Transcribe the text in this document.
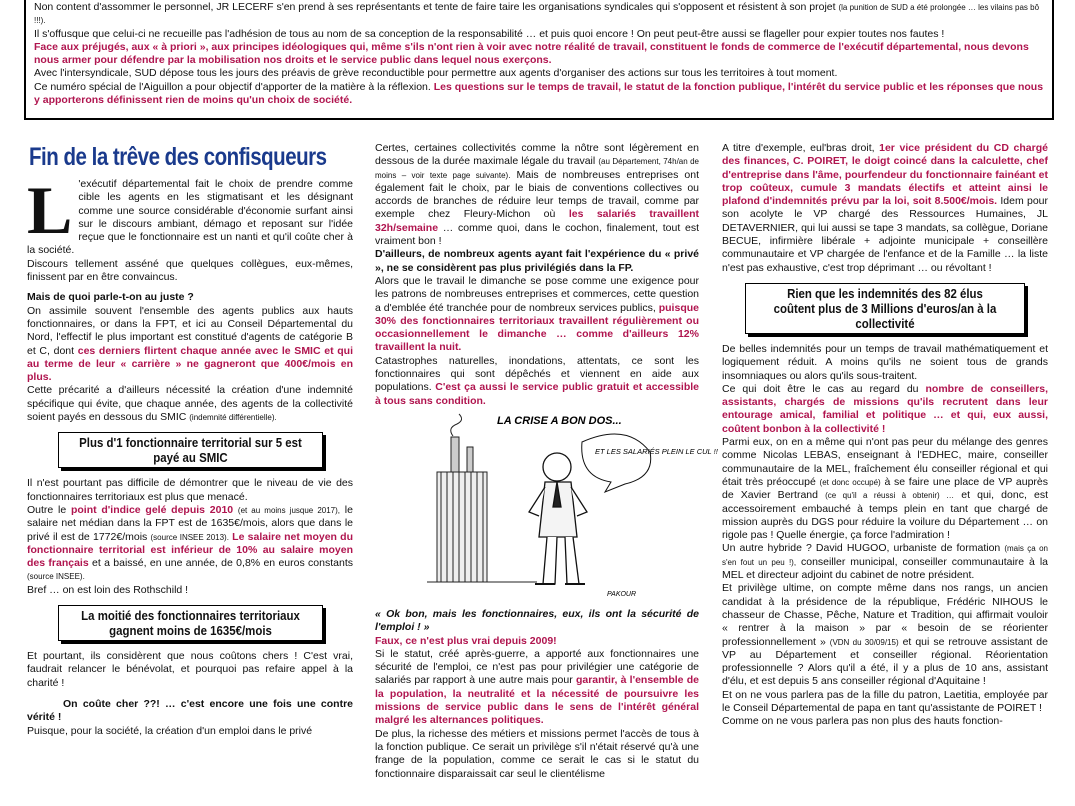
Non content d'assommer le personnel, JR LECERF s'en prend à ses représentants et tente de faire taire les organisations syndicales qui s'opposent et résistent à son projet (la punition de SUD a été prolongée … les vilains pas bô !!!).

Il s'offusque que celui-ci ne recueille pas l'adhésion de tous au nom de sa conception de la responsabilité … et puis quoi encore ! On peut peut-être aussi se flageller pour expier toutes nos fautes !

Face aux préjugés, aux « à priori », aux principes idéologiques qui, même s'ils n'ont rien à voir avec notre réalité de travail, constituent le fonds de commerce de l'exécutif départemental, nous devons nous armer pour défendre par la mobilisation nos droits et le service public dans lequel nous exerçons.

Avec l'intersyndicale, SUD dépose tous les jours des préavis de grève reconductible pour permettre aux agents d'organiser des actions sur tous les territoires à tout moment.

Ce numéro spécial de l'Aiguillon a pour objectif d'apporter de la matière à la réflexion. Les questions sur le temps de travail, le statut de la fonction publique, l'intérêt du service public et les réponses que nous y apporterons définissent rien de moins qu'un choix de société.

Fin de la trêve des confisqueurs

L 'exécutif départemental fait le choix de prendre comme cible les agents en les stigmatisant et les désignant comme une source considérable d'économie surfant ainsi sur le discours ambiant, démago et reposant sur l'idée reçue que le fonctionnaire est un nanti et qu'il coûte cher à la société.

Discours tellement asséné que quelques collègues, eux-mêmes, finissent par en être convaincus.

Mais de quoi parle-t-on au juste ?

On assimile souvent l'ensemble des agents publics aux hauts fonctionnaires, or dans la FPT, et ici au Conseil Départemental du Nord, l'effectif le plus important est constitué d'agents de catégorie B et C, dont ces derniers flirtent chaque année avec le SMIC et qui au terme de leur « carrière » ne gagneront que 400€/mois en plus.

Cette précarité a d'ailleurs nécessité la création d'une indemnité spécifique qui évite, que chaque année, des agents de la collectivité soient payés en dessous du SMIC (indemnité différentielle).

Plus d'1 fonctionnaire territorial sur 5 est payé au SMIC

Il n'est pourtant pas difficile de démontrer que le niveau de vie des fonctionnaires territoriaux est plus que menacé.

Outre le point d'indice gelé depuis 2010 (et au moins jusque 2017), le salaire net médian dans la FPT est de 1635€/mois, alors que dans le privé il est de 1772€/mois (source INSEE 2013). Le salaire net moyen du fonctionnaire territorial est inférieur de 10% au salaire moyen des français et a baissé, en une année, de 0,8% en euros constants (source INSEE).

Bref … on est loin des Rothschild !

La moitié des fonctionnaires territoriaux gagnent moins de 1635€/mois

Et pourtant, ils considèrent que nous coûtons chers ! C'est vrai, faudrait relancer le bénévolat, et pourquoi pas refaire appel à la charité !

On coûte cher ??! … c'est encore une fois une contre vérité !

Puisque, pour la société, la création d'un emploi dans le privé

Certes, certaines collectivités comme la nôtre sont légèrement en dessous de la durée maximale légale du travail (au Département, 74h/an de moins – voir texte page suivante). Mais de nombreuses entreprises ont également fait le choix, par le biais de conventions collectives ou accords de branches de réduire leur temps de travail, comme par exemple chez Fleury-Michon où les salariés travaillent 32h/semaine … comme quoi, dans le cochon, finalement, tout est vraiment bon !

D'ailleurs, de nombreux agents ayant fait l'expérience du « privé », ne se considèrent pas plus privilégiés dans la FP.

Alors que le travail le dimanche se pose comme une exigence pour les patrons de nombreuses entreprises et commerces, cette question a d'emblée été tranchée pour de nombreux services publics, puisque 30% des fonctionnaires territoriaux travaillent régulièrement ou occasionnellement le dimanche … comme d'ailleurs 12% travaillent la nuit.

Catastrophes naturelles, inondations, attentats, ce sont les fonctionnaires qui sont dépêchés et viennent en aide aux populations. C'est ça aussi le service public gratuit et accessible à tous sans condition.

LA CRISE A BON DOS...
ET LES SALARIÉS PLEIN LE CUL !!
PAKOUR

« Ok bon, mais les fonctionnaires, eux, ils ont la sécurité de l'emploi ! »

Faux, ce n'est plus vrai depuis 2009!

Si le statut, créé après-guerre, a apporté aux fonctionnaires une sécurité de l'emploi, ce n'est pas pour privilégier une catégorie de salariés par rapport à une autre mais pour garantir, à l'ensemble de la population, la neutralité et la nécessité de poursuivre les missions de service public dans le sens de l'intérêt général malgré les alternances politiques.

De plus, la richesse des métiers et missions permet l'accès de tous à la fonction publique. Ce serait un privilège s'il n'était réservé qu'à une frange de la population, comme ce serait le cas si le statut du fonctionnaire disparaissait car seul le clientélisme

A titre d'exemple, eul'bras droit, 1er vice président du CD chargé des finances, C. POIRET, le doigt coincé dans la calculette, chef d'entreprise dans l'âme, pourfendeur du fonctionnaire fainéant et trop coûteux, cumule 3 mandats électifs et atteint ainsi le plafond d'indemnités prévu par la loi, soit 8.500€/mois. Idem pour son acolyte le VP chargé des Ressources Humaines, JL DETAVERNIER, qui lui aussi se tape 3 mandats, sa collègue, Doriane BECUE, infirmière libérale + adjointe municipale + conseillère communautaire et VP chargée de l'enfance et de la Famille … la liste n'est pas exhaustive, c'est trop déprimant … ou révoltant !

Rien que les indemnités des 82 élus coûtent plus de 3 Millions d'euros/an à la collectivité

De belles indemnités pour un temps de travail mathématiquement et logiquement réduit. A moins qu'ils ne soient tous de grands insomniaques ou alors qu'ils sous-traitent.

Ce qui doit être le cas au regard du nombre de conseillers, assistants, chargés de missions qu'ils recrutent dans leur entourage amical, familial et politique … et qui, eux aussi, coûtent bonbon à la collectivité !

Parmi eux, on en a même qui n'ont pas peur du mélange des genres comme Nicolas LEBAS, enseignant à l'EDHEC, maire, conseiller communautaire de la MEL, fraîchement élu conseiller régional et qui était très préoccupé (et donc occupé) à se faire une place de VP auprès de Xavier Bertrand (ce qu'il a réussi à obtenir) … et qui, donc, est accessoirement embauché à temps plein en tant que chargé de mission auprès du DGS pour réduire la voilure du Département … on rigole pas ! Quelle énergie, ça force l'admiration !

Un autre hybride ? David HUGOO, urbaniste de formation (mais ça on s'en fout un peu !), conseiller municipal, conseiller communautaire à la MEL et directeur adjoint du cabinet de notre président.

Et privilège ultime, on compte même dans nos rangs, un ancien candidat à la présidence de la république, Frédéric NIHOUS le chasseur de Chasse, Pêche, Nature et Tradition, qui affirmait vouloir « rentrer à la maison » par « besoin de se réorienter professionnellement » (VDN du 30/09/15) et qui se retrouve assistant de VP au Département et conseiller régional. Réorientation professionnelle ? Alors qu'il a été, il y a plus de 10 ans, assistant d'élu, et est depuis 5 ans conseiller régional d'Aquitaine !

Et on ne vous parlera pas de la fille du patron, Laetitia, employée par le Conseil Départemental de papa en tant qu'assistante de POIRET !

Comme on ne vous parlera pas non plus des hauts fonction-
